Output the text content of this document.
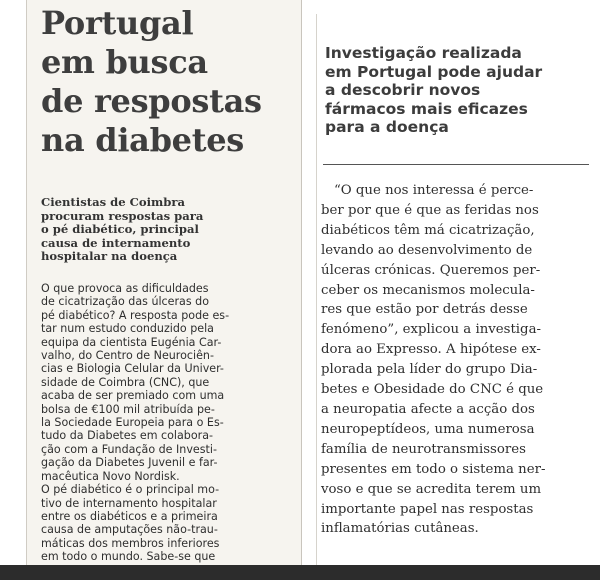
Portugal
em busca
de respostas
na diabetes
Cientistas de Coimbra
procuram respostas para
o pé diabético, principal
causa de internamento
hospitalar na doença
O que provoca as dificuldades
de cicatrização das úlceras do
pé diabético? A resposta pode es-
tar num estudo conduzido pela
equipa da cientista Eugénia Car-
valho, do Centro de Neurociên-
cias e Biologia Celular da Univer-
sidade de Coimbra (CNC), que
acaba de ser premiado com uma
bolsa de €100 mil atribuída pe-
la Sociedade Europeia para o Es-
tudo da Diabetes em colabora-
ção com a Fundação de Investi-
gação da Diabetes Juvenil e far-
macêutica Novo Nordisk.
O pé diabético é o principal mo-
tivo de internamento hospitalar
entre os diabéticos e a primeira
causa de amputações não-trau-
máticas dos membros inferiores
em todo o mundo. Sabe-se que
Investigação realizada
em Portugal pode ajudar
a descobrir novos
fármacos mais eficazes
para a doença
“O que nos interessa é perce-
ber por que é que as feridas nos
diabéticos têm má cicatrização,
levando ao desenvolvimento de
úlceras crónicas. Queremos per-
ceber os mecanismos molecula-
res que estão por detrás desse
fenómeno”, explicou a investiga-
dora ao Expresso. A hipótese ex-
plorada pela líder do grupo Dia-
betes e Obesidade do CNC é que
a neuropatia afecte a acção dos
neuropeptídeos, uma numerosa
família de neurotransmissores
presentes em todo o sistema ner-
voso e que se acredita terem um
importante papel nas respostas
inflamatórias cutâneas.
